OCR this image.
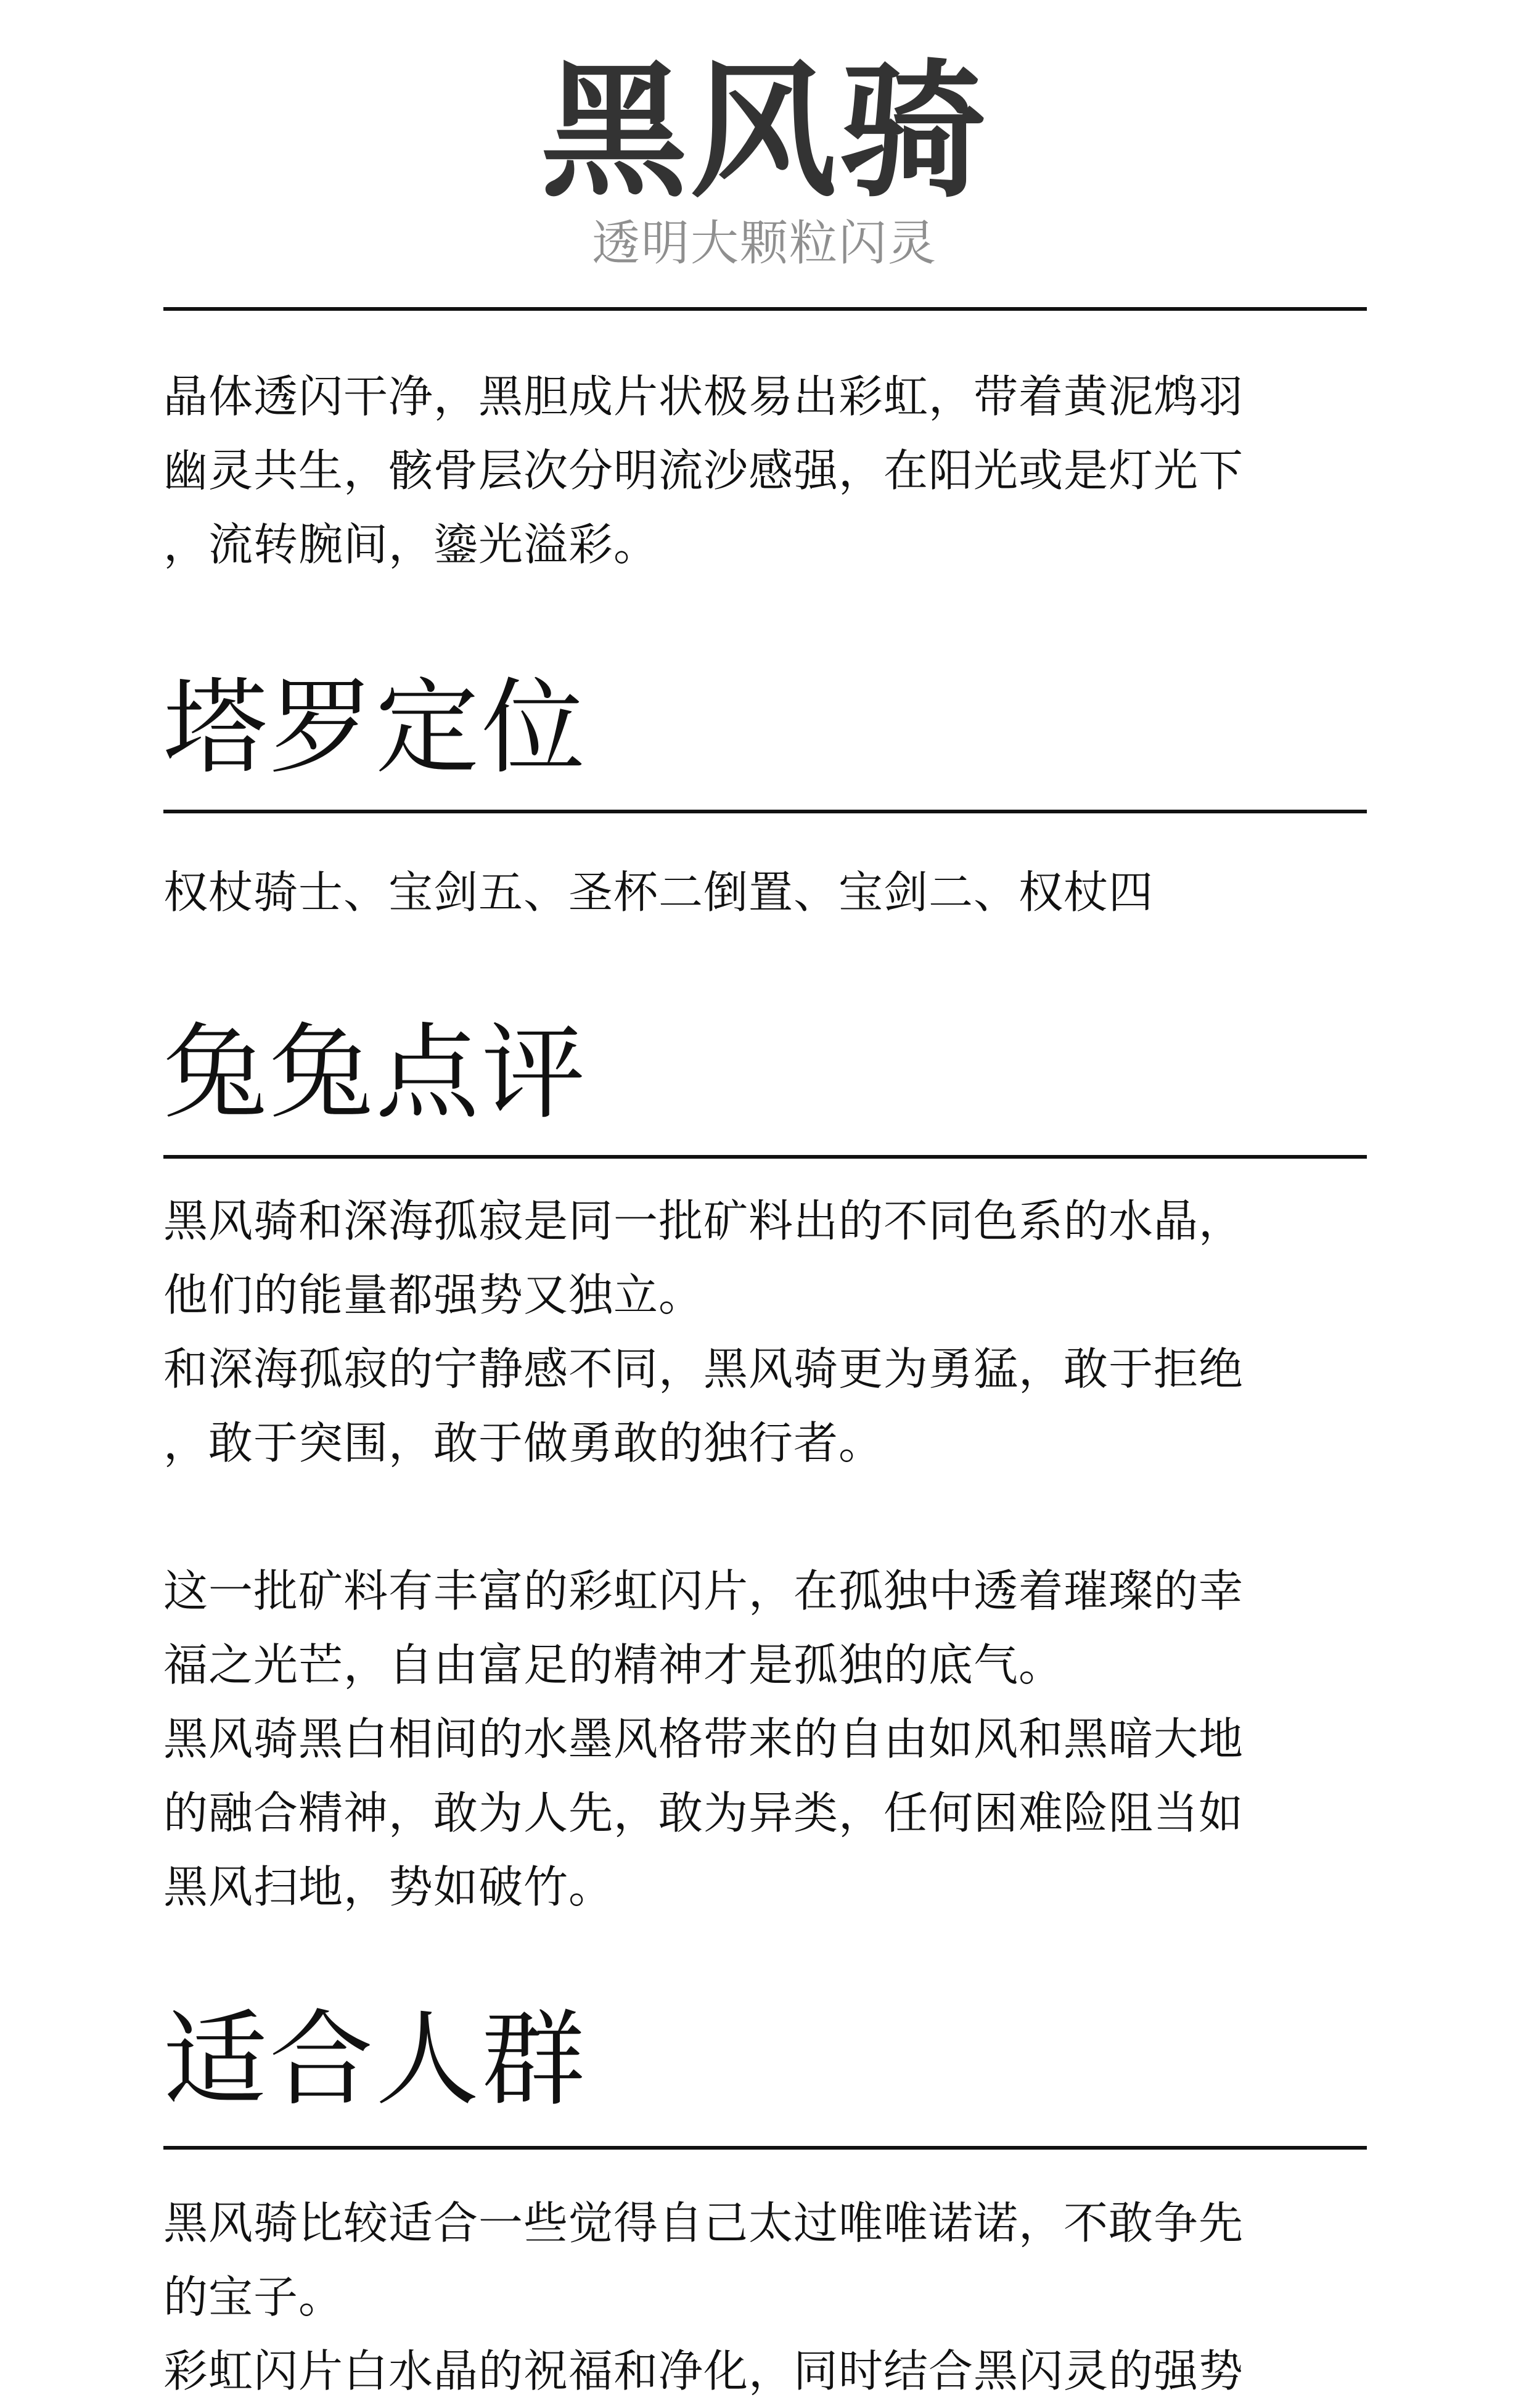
黑风骑
透明大颗粒闪灵
晶体透闪干净，黑胆成片状极易出彩虹，带着黄泥鸩羽
幽灵共生，骸骨层次分明流沙感强，在阳光或是灯光下
，流转腕间，鎏光溢彩。
塔罗定位
权杖骑士、宝剑五、圣杯二倒置、宝剑二、权杖四
兔兔点评
黑风骑和深海孤寂是同一批矿料出的不同色系的水晶，
他们的能量都强势又独立。
和深海孤寂的宁静感不同，黑风骑更为勇猛，敢于拒绝
，敢于突围，敢于做勇敢的独行者。
这一批矿料有丰富的彩虹闪片，在孤独中透着璀璨的幸
福之光芒，自由富足的精神才是孤独的底气。
黑风骑黑白相间的水墨风格带来的自由如风和黑暗大地
的融合精神，敢为人先，敢为异类，任何困难险阻当如
黑风扫地，势如破竹。
适合人群
黑风骑比较适合一些觉得自己太过唯唯诺诺，不敢争先
的宝子。
彩虹闪片白水晶的祝福和净化，同时结合黑闪灵的强势
